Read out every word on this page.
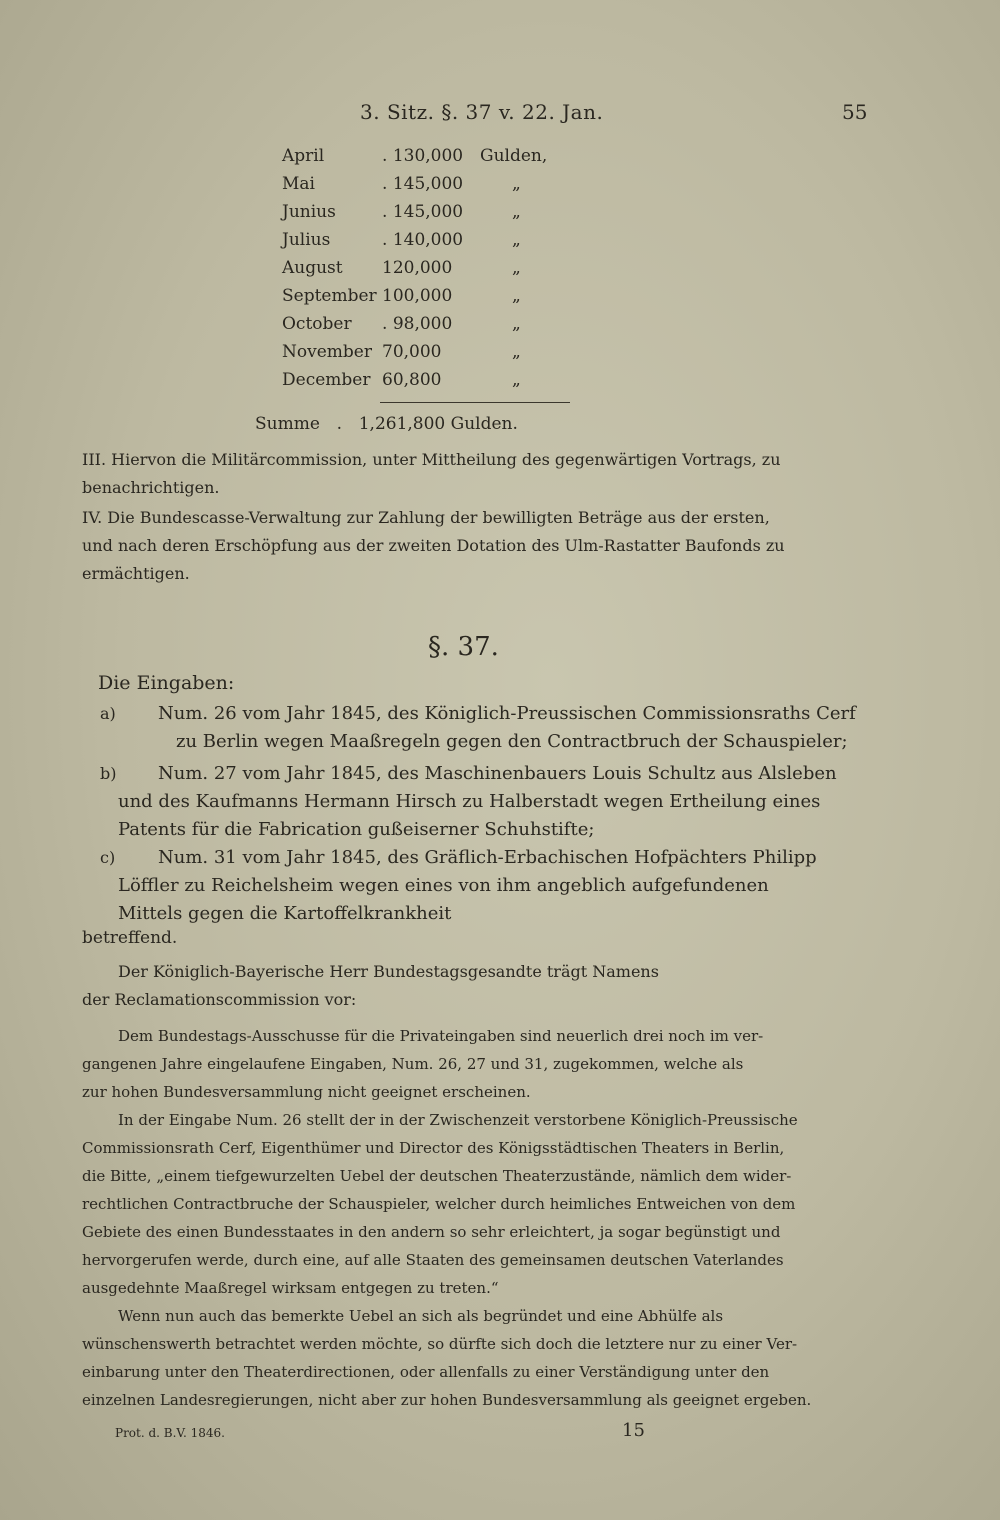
3. Sitz. §. 37 v. 22. Jan.	55
April	. 130,000 Gulden,
Mai	. 145,000	„
Junius	. 145,000	„
Julius	. 140,000	„
August	120,000	„
September 100,000	„
October	. 98,000	„
November 70,000	„
December 60,800	„
Summe . 1,261,800 Gulden.
III. Hiervon die Militärcommission, unter Mittheilung des gegenwärtigen Vortrags, zu
benachrichtigen.
IV. Die Bundescasse-Verwaltung zur Zahlung der bewilligten Beträge aus der ersten,
und nach deren Erschöpfung aus der zweiten Dotation des Ulm-Rastatter Baufonds zu
ermächtigen.
§. 37.
Die Eingaben:
a) Num. 26 vom Jahr 1845, des Königlich-Preussischen Commissionsraths Cerf
zu Berlin wegen Maaßregeln gegen den Contractbruch der Schauspieler;
b) Num. 27 vom Jahr 1845, des Maschinenbauers Louis Schultz aus Alsleben
und des Kaufmanns Hermann Hirsch zu Halberstadt wegen Ertheilung eines
Patents für die Fabrication gußeiserner Schuhstifte;
c) Num. 31 vom Jahr 1845, des Gräflich-Erbachischen Hofpächters Philipp
Löffler zu Reichelsheim wegen eines von ihm angeblich aufgefundenen
Mittels gegen die Kartoffelkrankheit
betreffend.
Der Königlich-Bayerische Herr Bundestagsgesandte trägt Namens
der Reclamationscommission vor:
Dem Bundestags-Ausschusse für die Privateingaben sind neuerlich drei noch im ver-
gangenen Jahre eingelaufene Eingaben, Num. 26, 27 und 31, zugekommen, welche als
zur hohen Bundesversammlung nicht geeignet erscheinen.
In der Eingabe Num. 26 stellt der in der Zwischenzeit verstorbene Königlich-Preussische
Commissionsrath Cerf, Eigenthümer und Director des Königsstädtischen Theaters in Berlin,
die Bitte, „einem tiefgewurzelten Uebel der deutschen Theaterzustände, nämlich dem wider-
rechtlichen Contractbruche der Schauspieler, welcher durch heimliches Entweichen von dem
Gebiete des einen Bundesstaates in den andern so sehr erleichtert, ja sogar begünstigt und
hervorgerufen werde, durch eine, auf alle Staaten des gemeinsamen deutschen Vaterlandes
ausgedehnte Maaßregel wirksam entgegen zu treten.“
Wenn nun auch das bemerkte Uebel an sich als begründet und eine Abhülfe als
wünschenswerth betrachtet werden möchte, so dürfte sich doch die letztere nur zu einer Ver-
einbarung unter den Theaterdirectionen, oder allenfalls zu einer Verständigung unter den
einzelnen Landesregierungen, nicht aber zur hohen Bundesversammlung als geeignet ergeben.
Prot. d. B.V. 1846.	15
